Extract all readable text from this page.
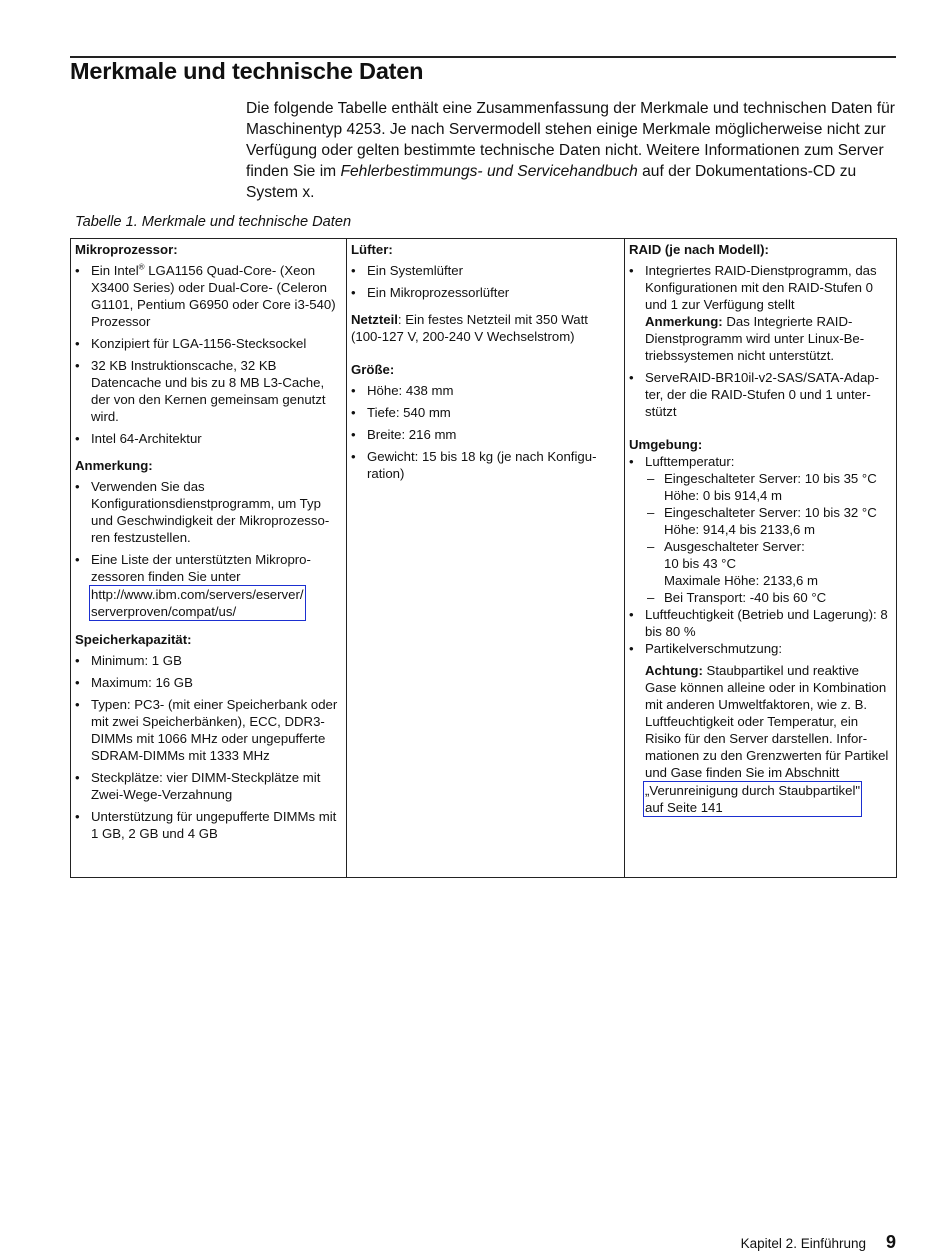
Merkmale und technische Daten

Die folgende Tabelle enthält eine Zusammenfassung der Merkmale und technischen Daten für Maschinentyp 4253. Je nach Servermodell stehen einige Merkmale möglicherweise nicht zur Verfügung oder gelten bestimmte technische Daten nicht. Weitere Informationen zum Server finden Sie im Fehlerbestimmungs- und Servicehandbuch auf der Dokumentations-CD zu System x.

Tabelle 1. Merkmale und technische Daten

Mikroprozessor:

• Ein Intel® LGA1156 Quad-Core- (Xeon X3400 Series) oder Dual-Core- (Celeron G1101, Pentium G6950 oder Core i3-540) Prozessor
• Konzipiert für LGA-1156-Stecksockel
• 32 KB Instruktionscache, 32 KB Datencache und bis zu 8 MB L3-Cache, der von den Kernen gemeinsam genutzt wird.
• Intel 64-Architektur

Anmerkung:

• Verwenden Sie das Konfigurationsdienstprogramm, um Typ und Geschwindigkeit der Mikroprozessoren festzustellen.
• Eine Liste der unterstützten Mikroprozessoren finden Sie unter
http://www.ibm.com/servers/eserver/
serverproven/compat/us/

Speicherkapazität:

• Minimum: 1 GB
• Maximum: 16 GB
• Typen: PC3- (mit einer Speicherbank oder mit zwei Speicherbänken), ECC, DDR3-DIMMs mit 1066 MHz oder ungepufferte SDRAM-DIMMs mit 1333 MHz
• Steckplätze: vier DIMM-Steckplätze mit Zwei-Wege-Verzahnung
• Unterstützung für ungepufferte DIMMs mit 1 GB, 2 GB und 4 GB

Lüfter:

• Ein Systemlüfter
• Ein Mikroprozessorlüfter

Netzteil: Ein festes Netzteil mit 350 Watt (100-127 V, 200-240 V Wechselstrom)

Größe:

• Höhe: 438 mm
• Tiefe: 540 mm
• Breite: 216 mm
• Gewicht: 15 bis 18 kg (je nach Konfiguration)

RAID (je nach Modell):

• Integriertes RAID-Dienstprogramm, das Konfigurationen mit den RAID-Stufen 0 und 1 zur Verfügung stellt
Anmerkung: Das Integrierte RAID-Dienstprogramm wird unter Linux-Betriebssystemen nicht unterstützt.
• ServeRAID-BR10il-v2-SAS/SATA-Adapter, der die RAID-Stufen 0 und 1 unterstützt

Umgebung:

• Lufttemperatur:
– Eingeschalteter Server: 10 bis 35 °C
Höhe: 0 bis 914,4 m
– Eingeschalteter Server: 10 bis 32 °C
Höhe: 914,4 bis 2133,6 m
– Ausgeschalteter Server:
10 bis 43 °C
Maximale Höhe: 2133,6 m
– Bei Transport: -40 bis 60 °C
• Luftfeuchtigkeit (Betrieb und Lagerung): 8 bis 80 %
• Partikelverschmutzung:

Achtung: Staubpartikel und reaktive Gase können alleine oder in Kombination mit anderen Umweltfaktoren, wie z. B. Luftfeuchtigkeit oder Temperatur, ein Risiko für den Server darstellen. Informationen zu den Grenzwerten für Partikel und Gase finden Sie im Abschnitt
„Verunreinigung durch Staubpartikel"
auf Seite 141

Kapitel 2. Einführung 9
